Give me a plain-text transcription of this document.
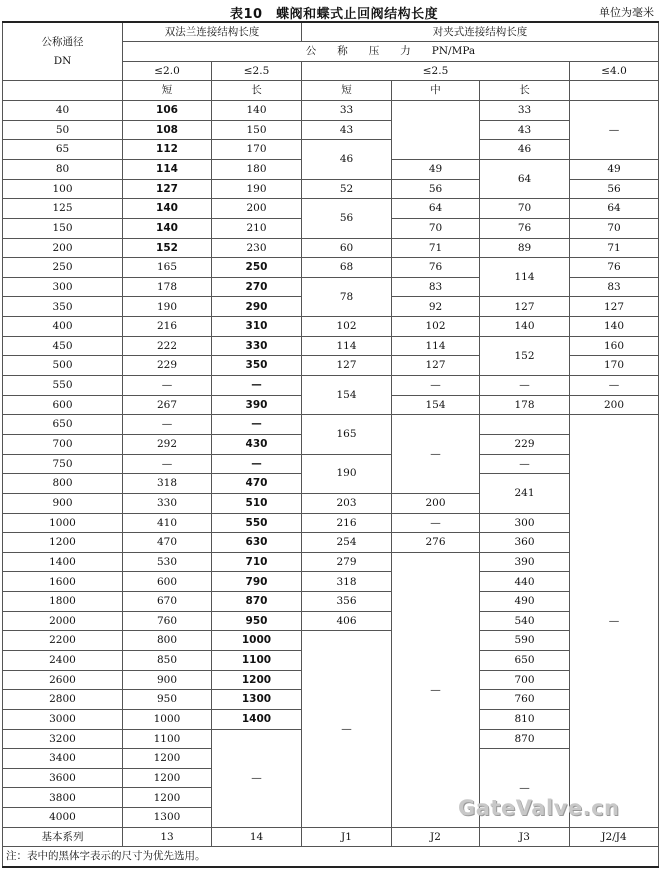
表10　蝶阀和蝶式止回阀结构长度	单位为毫米
公称通径
DN	双法兰连接结构长度		对夹式连接结构长度			
	公　　称　　压　　力　　PN/MPa					
	≤2.0	≤2.5	≤2.5			≤4.0
	短	长	短	中	长	
40	106	140	33		33	—
50	108	150	43		43	
65	112	170	46		46	
80	114	180		49	64	49
100	127	190	52	56		56
125	140	200	56	64	70	64
150	140	210		70	76	70
200	152	230	60	71	89	71
250	165	250	68	76	114	76
300	178	270	78	83		83
350	190	290		92	127	127
400	216	310	102	102	140	140
450	222	330	114	114	152	160
500	229	350	127	127		170
550	—	—	154	—	—	—
600	267	390		154	178	200
650	—	—	165	—		—
700	292	430			229	
750	—	—	190		—	
800	318	470			241	
900	330	510	203	200		
1000	410	550	216	—	300	
1200	470	630	254	276	360	
1400	530	710	279	—	390	
1600	600	790	318		440	
1800	670	870	356		490	
2000	760	950	406		540	
2200	800	1000	—		590	
2400	850	1100			650	
2600	900	1200			700	
2800	950	1300			760	
3000	1000	1400			810	
3200	1100	—			870	
3400	1200				—	
3600	1200					
3800	1200					
4000	1300					
基本系列	13	14	J1	J2	J3	J2/J4
注：表中的黑体字表示的尺寸为优先选用。						
GateValve.cn
